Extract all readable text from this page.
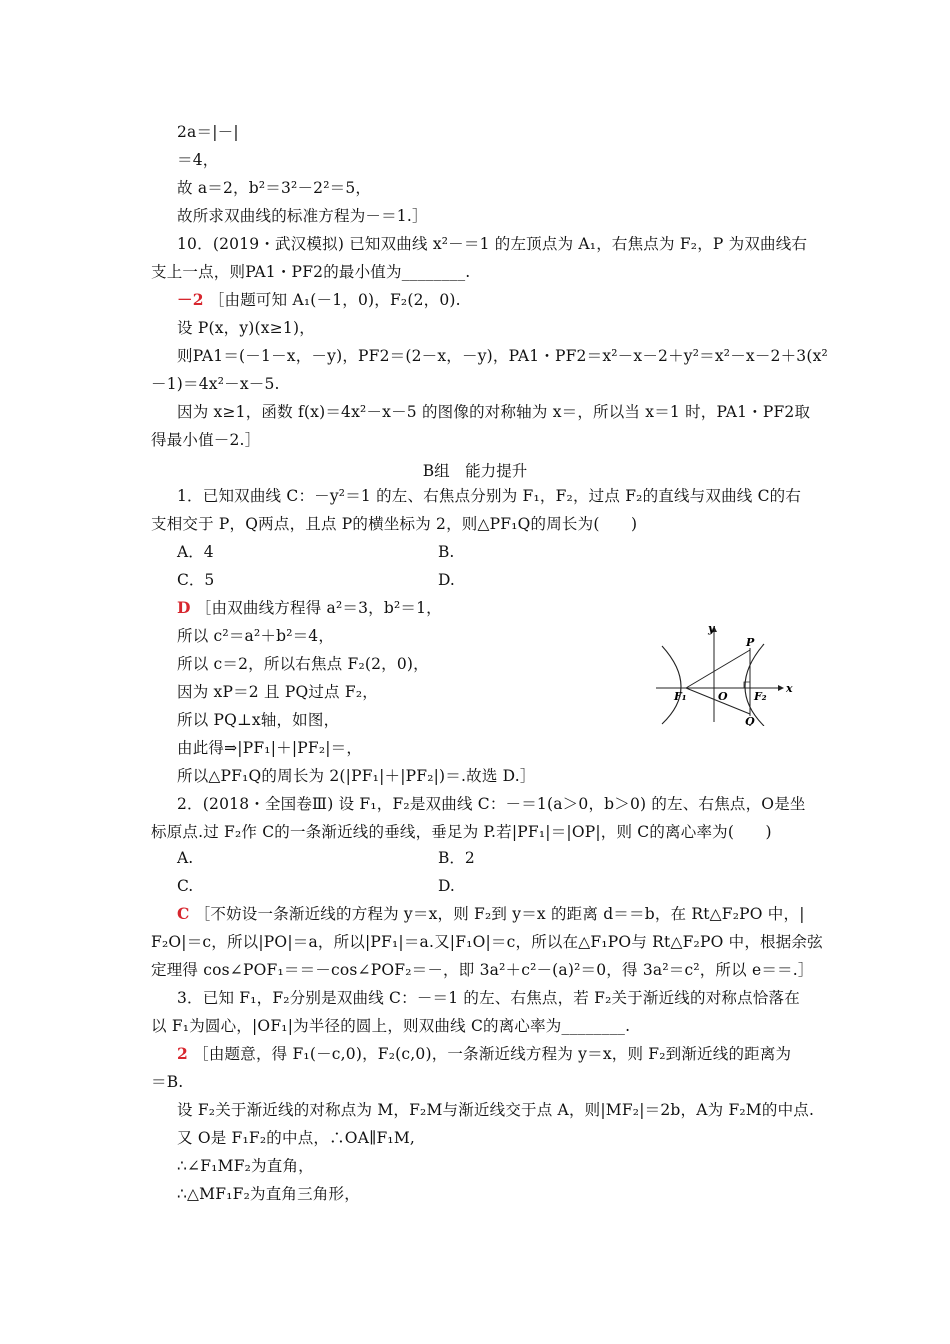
2a＝|－|
＝4，
故 a＝2，b²＝3²－2²＝5，
故所求双曲线的标准方程为－＝1.］
10．(2019・武汉模拟) 已知双曲线 x²－＝1 的左顶点为 A₁，右焦点为 F₂，P 为双曲线右
支上一点，则PA1・PF2的最小值为________.
－2 ［由题可知 A₁(－1，0)，F₂(2，0).
设 P(x，y)(x≥1)，
则PA1＝(－1－x，－y)，PF2＝(2－x，－y)，PA1・PF2＝x²－x－2＋y²＝x²－x－2＋3(x²
－1)＝4x²－x－5.
因为 x≥1，函数 f(x)＝4x²－x－5 的图像的对称轴为 x＝，所以当 x＝1 时，PA1・PF2取
得最小值－2.］
B组　能力提升
1．已知双曲线 C：－y²＝1 的左、右焦点分别为 F₁，F₂，过点 F₂的直线与双曲线 C的右
支相交于 P，Q两点，且点 P的横坐标为 2，则△PF₁Q的周长为(　　)
A．4	B.
C．5	D.
D ［由双曲线方程得 a²＝3，b²＝1，
所以 c²＝a²＋b²＝4，
所以 c＝2，所以右焦点 F₂(2，0)，
因为 xP＝2 且 PQ过点 F₂，
所以 PQ⊥x轴，如图，
由此得⇒|PF₁|＋|PF₂|＝，
所以△PF₁Q的周长为 2(|PF₁|＋|PF₂|)＝.故选 D.］
y
x
P
Q
O
F₁	F₂
2．(2018・全国卷Ⅲ) 设 F₁，F₂是双曲线 C：－＝1(a＞0，b＞0) 的左、右焦点，O是坐
标原点.过 F₂作 C的一条渐近线的垂线，垂足为 P.若|PF₁|＝|OP|，则 C的离心率为(　　)
A.	B．2
C.	D.
C ［不妨设一条渐近线的方程为 y＝x，则 F₂到 y＝x 的距离 d＝＝b，在 Rt△F₂PO 中，|
F₂O|＝c，所以|PO|＝a，所以|PF₁|＝a.又|F₁O|＝c，所以在△F₁PO与 Rt△F₂PO 中，根据余弦
定理得 cos∠POF₁＝＝－cos∠POF₂＝－，即 3a²＋c²－(a)²＝0，得 3a²＝c²，所以 e＝＝.］
3．已知 F₁，F₂分别是双曲线 C：－＝1 的左、右焦点，若 F₂关于渐近线的对称点恰落在
以 F₁为圆心，|OF₁|为半径的圆上，则双曲线 C的离心率为________.
2 ［由题意，得 F₁(－c,0)，F₂(c,0)，一条渐近线方程为 y＝x，则 F₂到渐近线的距离为
＝B.
设 F₂关于渐近线的对称点为 M，F₂M与渐近线交于点 A，则|MF₂|＝2b，A为 F₂M的中点.
又 O是 F₁F₂的中点，∴OA∥F₁M,
∴∠F₁MF₂为直角，
∴△MF₁F₂为直角三角形，
